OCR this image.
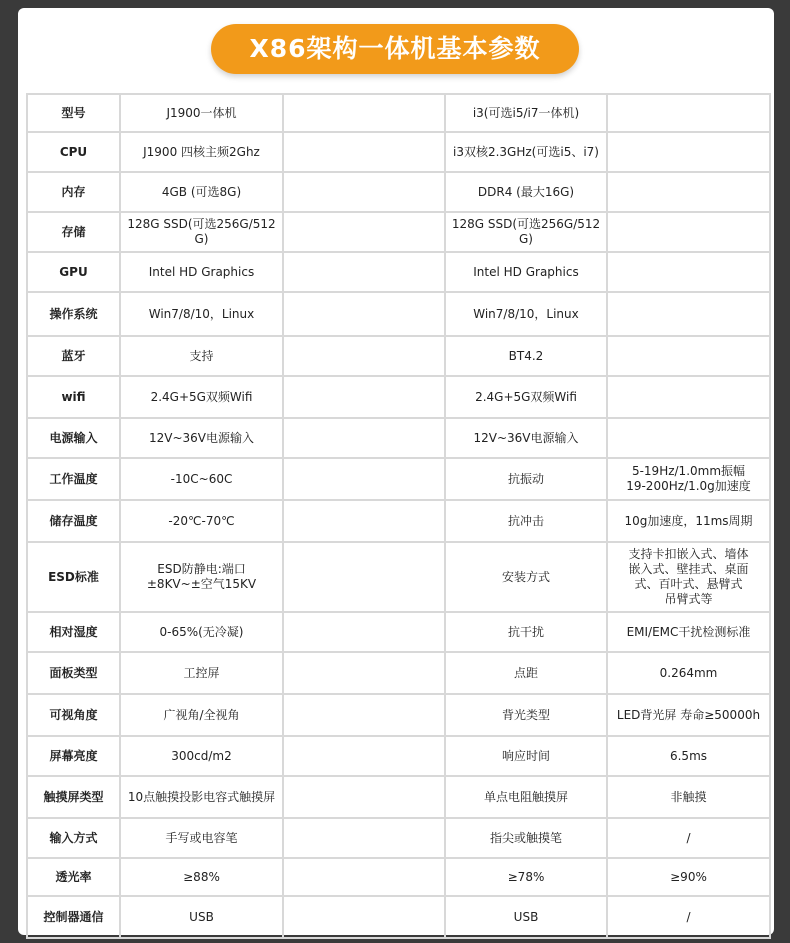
X86架构一体机基本参数
型号	J1900一体机		i3(可选i5/i7一体机)	
CPU	J1900 四核主频2Ghz		i3双核2.3GHz(可选i5、i7)	
内存	4GB (可选8G)		DDR4 (最大16G)	
存储	128G SSD(可选256G/512G)		128G SSD(可选256G/512G)	
GPU	Intel HD Graphics		Intel HD Graphics	
操作系统	Win7/8/10，Linux		Win7/8/10，Linux	
蓝牙	支持		BT4.2	
wifi	2.4G+5G双频Wifi		2.4G+5G双频Wifi	
电源输入	12V~36V电源输入		12V~36V电源输入	
工作温度	-10C~60C		抗振动	5-19Hz/1.0mm振幅
19-200Hz/1.0g加速度
储存温度	-20℃-70℃		抗冲击	10g加速度，11ms周期
ESD标准	ESD防静电:端口
±8KV~±空气15KV		安装方式	支持卡扣嵌入式、墙体
嵌入式、壁挂式、桌面
式、百叶式、悬臂式
吊臂式等
相对湿度	0-65%(无冷凝)		抗干扰	EMI/EMC干扰检测标准
面板类型	工控屏		点距	0.264mm
可视角度	广视角/全视角		背光类型	LED背光屏 寿命≥50000h
屏幕亮度	300cd/m2		响应时间	6.5ms
触摸屏类型	10点触摸投影电容式触摸屏		单点电阻触摸屏	非触摸
输入方式	手写或电容笔		指尖或触摸笔	/
透光率	≥88%		≥78%	≥90%
控制器通信	USB		USB	/
